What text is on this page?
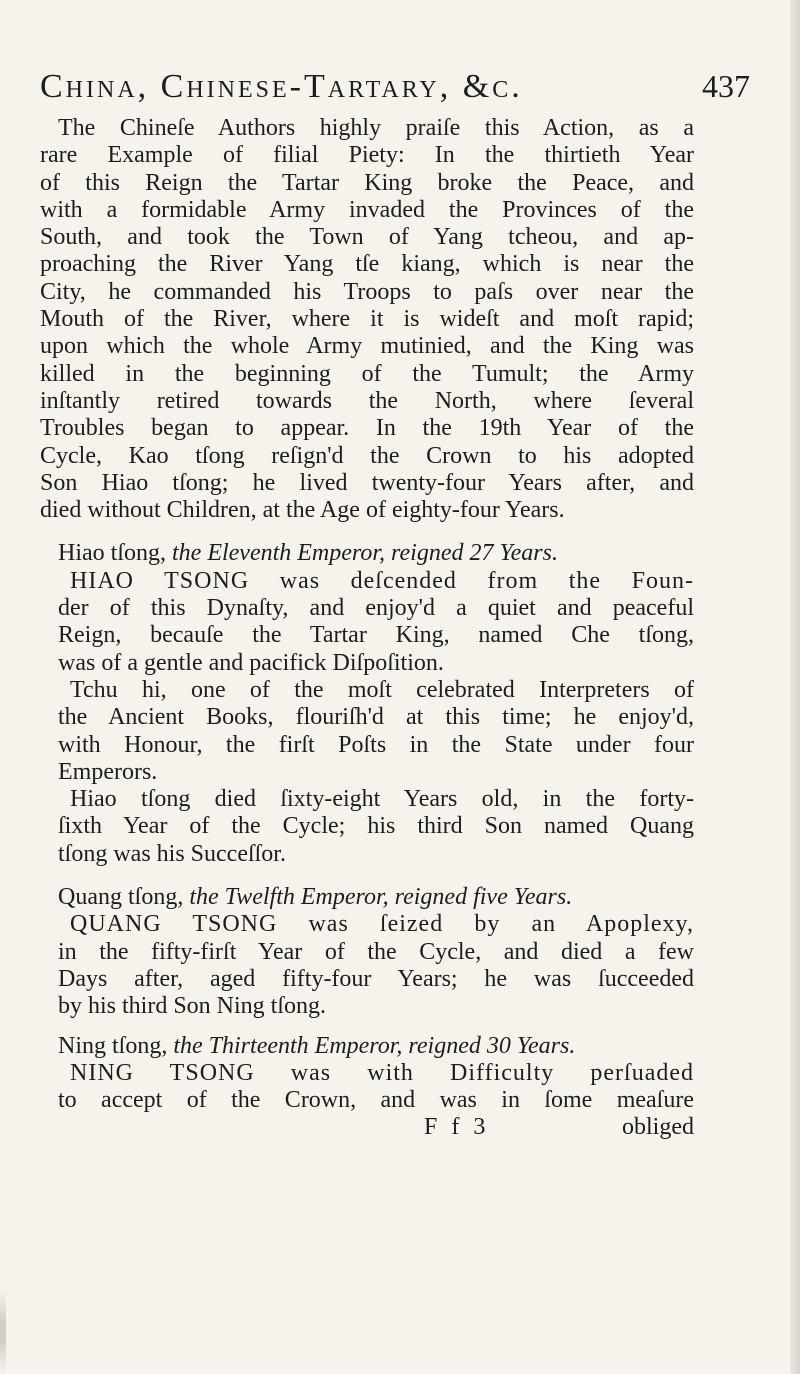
China, Chinese-Tartary, &c.	437
The Chineſe Authors highly praiſe this Action, as a
rare Example of filial Piety: In the thirtieth Year
of this Reign the Tartar King broke the Peace, and
with a formidable Army invaded the Provinces of the
South, and took the Town of Yang tcheou, and ap-
proaching the River Yang tſe kiang, which is near the
City, he commanded his Troops to paſs over near the
Mouth of the River, where it is wideſt and moſt rapid;
upon which the whole Army mutinied, and the King was
killed in the beginning of the Tumult; the Army
inſtantly retired towards the North, where ſeveral
Troubles began to appear. In the 19th Year of the
Cycle, Kao tſong reſign'd the Crown to his adopted
Son Hiao tſong; he lived twenty-four Years after, and
died without Children, at the Age of eighty-four Years.
Hiao tſong, the Eleventh Emperor, reigned 27 Years.
HIAO TSONG was deſcended from the Foun-
der of this Dynaſty, and enjoy'd a quiet and peaceful
Reign, becauſe the Tartar King, named Che tſong,
was of a gentle and pacifick Diſpoſition.
Tchu hi, one of the moſt celebrated Interpreters of
the Ancient Books, flouriſh'd at this time; he enjoy'd,
with Honour, the firſt Poſts in the State under four
Emperors.
Hiao tſong died ſixty-eight Years old, in the forty-
ſixth Year of the Cycle; his third Son named Quang
tſong was his Succeſſor.
Quang tſong, the Twelfth Emperor, reigned five Years.
QUANG TSONG was ſeized by an Apoplexy,
in the fifty-firſt Year of the Cycle, and died a few
Days after, aged fifty-four Years; he was ſucceeded
by his third Son Ning tſong.
Ning tſong, the Thirteenth Emperor, reigned 30 Years.
NING TSONG was with Difficulty perſuaded
to accept of the Crown, and was in ſome meaſure
F f 3	obliged
